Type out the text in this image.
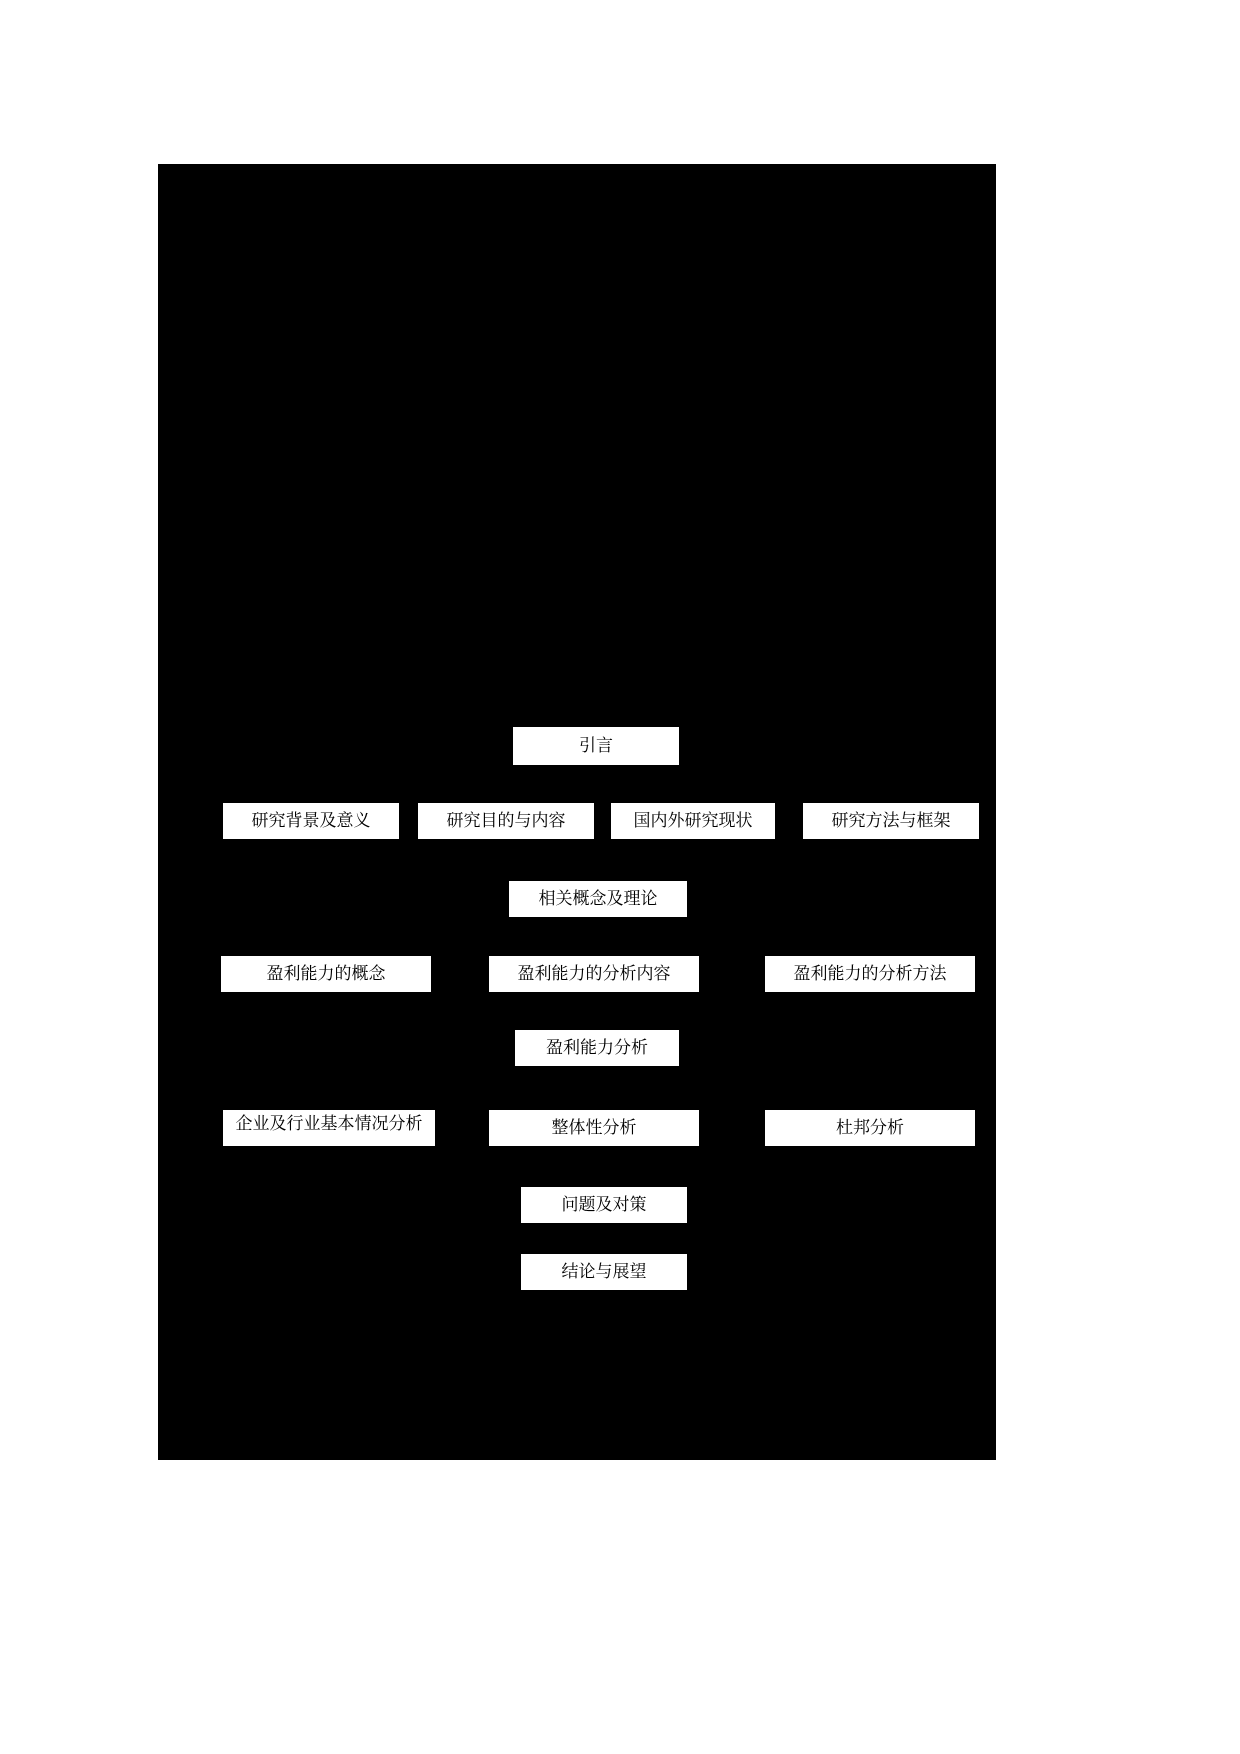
引言
研究背景及意义	研究目的与内容	国内外研究现状	研究方法与框架
相关概念及理论
盈利能力的概念	盈利能力的分析内容	盈利能力的分析方法
盈利能力分析
企业及行业基本情况分析	整体性分析	杜邦分析
问题及对策
结论与展望
